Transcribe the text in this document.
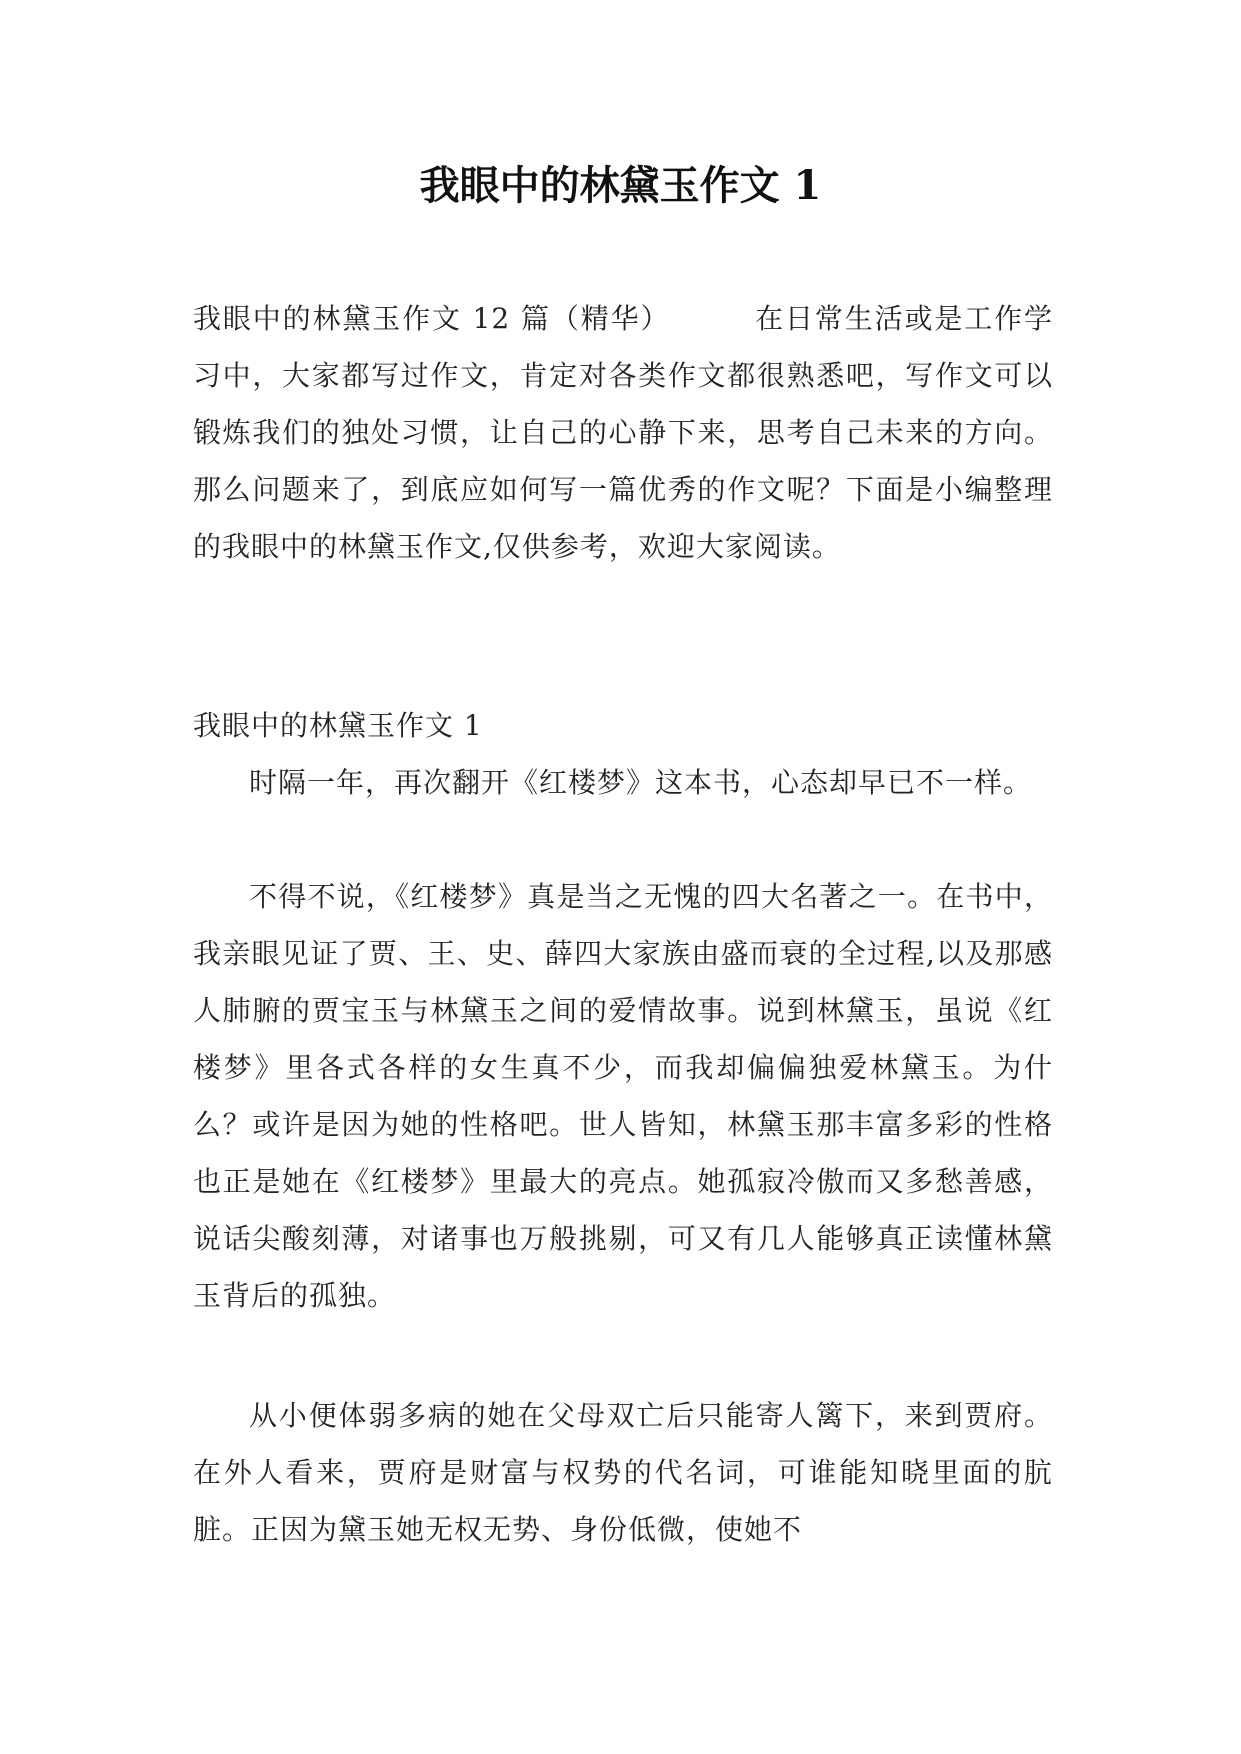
我眼中的林黛玉作文 1

我眼中的林黛玉作文 12 篇（精华）	在日常生活或是工作学习中，大家都写过作文，肯定对各类作文都很熟悉吧，写作文可以锻炼我们的独处习惯，让自己的心静下来，思考自己未来的方向。那么问题来了，到底应如何写一篇优秀的作文呢？下面是小编整理的我眼中的林黛玉作文,仅供参考，欢迎大家阅读。

我眼中的林黛玉作文 1

时隔一年，再次翻开《红楼梦》这本书，心态却早已不一样。

不得不说，《红楼梦》真是当之无愧的四大名著之一。在书中，我亲眼见证了贾、王、史、薛四大家族由盛而衰的全过程,以及那感人肺腑的贾宝玉与林黛玉之间的爱情故事。说到林黛玉，虽说《红楼梦》里各式各样的女生真不少，而我却偏偏独爱林黛玉。为什么？或许是因为她的性格吧。世人皆知，林黛玉那丰富多彩的性格也正是她在《红楼梦》里最大的亮点。她孤寂冷傲而又多愁善感，说话尖酸刻薄，对诸事也万般挑剔，可又有几人能够真正读懂林黛玉背后的孤独。

从小便体弱多病的她在父母双亡后只能寄人篱下，来到贾府。在外人看来，贾府是财富与权势的代名词，可谁能知晓里面的肮脏。正因为黛玉她无权无势、身份低微，使她不
